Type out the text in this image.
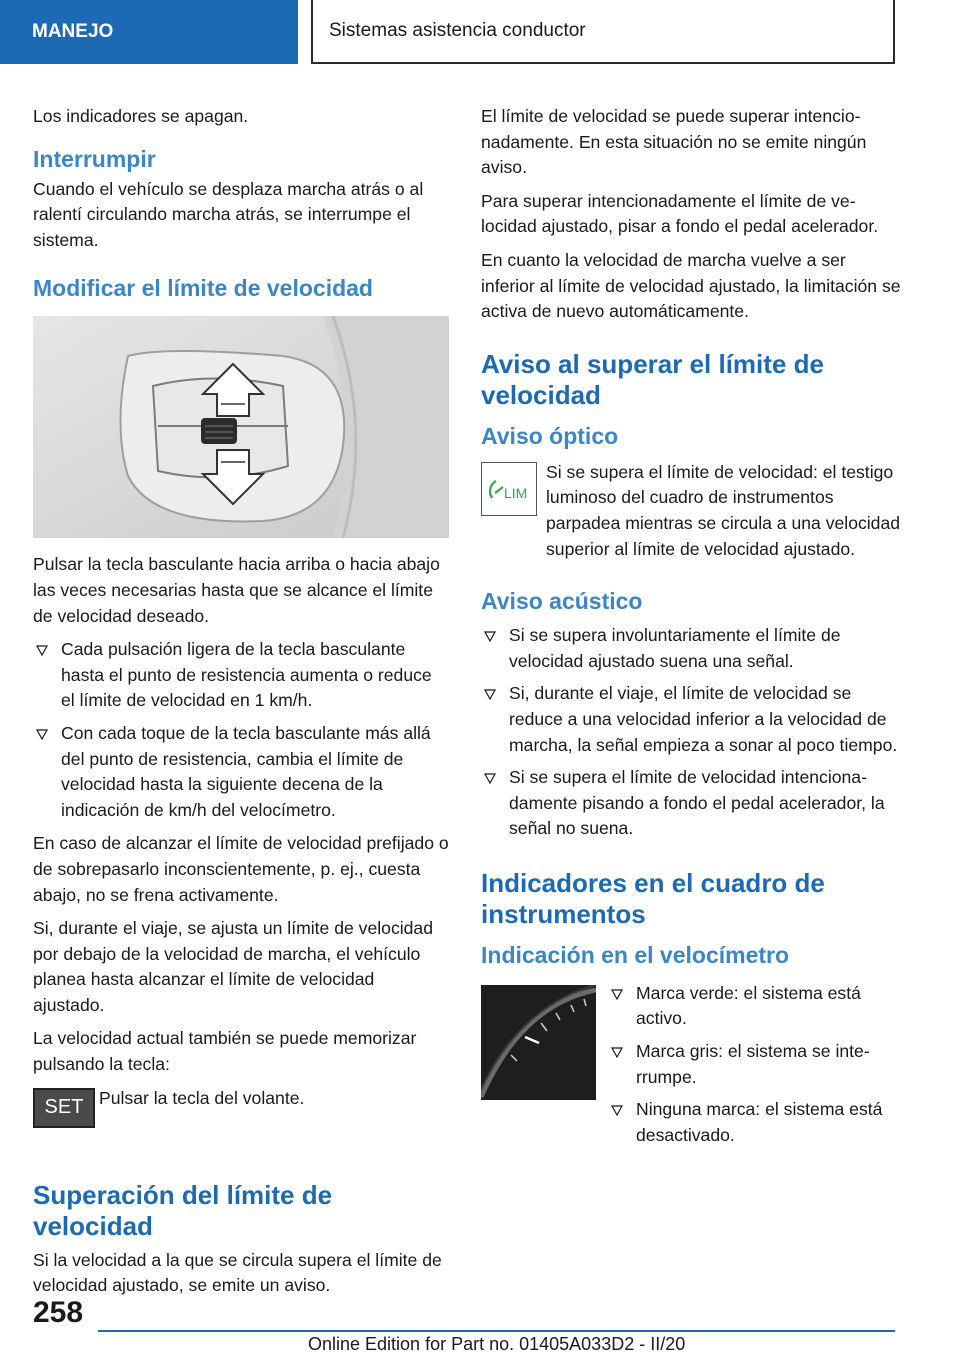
MANEJO	Sistemas asistencia conductor

Los indicadores se apagan.

Interrumpir

Cuando el vehículo se desplaza marcha atrás o al ralentí circulando marcha atrás, se interrumpe el sistema.

Modificar el límite de velocidad

Pulsar la tecla basculante hacia arriba o hacia abajo las veces necesarias hasta que se alcance el límite de velocidad deseado.

Cada pulsación ligera de la tecla basculante hasta el punto de resistencia aumenta o reduce el límite de velocidad en 1 km/h.
Con cada toque de la tecla basculante más allá del punto de resistencia, cambia el límite de velocidad hasta la siguiente decena de la indicación de km/h del velocímetro.

En caso de alcanzar el límite de velocidad prefijado o de sobrepasarlo inconscientemente, p. ej., cuesta abajo, no se frena activamente.

Si, durante el viaje, se ajusta un límite de velocidad por debajo de la velocidad de marcha, el vehículo planea hasta alcanzar el límite de velocidad ajustado.

La velocidad actual también se puede memorizar pulsando la tecla:

SET Pulsar la tecla del volante.
Superación del límite de velocidad

Si la velocidad a la que se circula supera el límite de velocidad ajustado, se emite un aviso.

El límite de velocidad se puede superar intencionadamente. En esta situación no se emite ningún aviso.

Para superar intencionadamente el límite de velocidad ajustado, pisar a fondo el pedal acelerador.

En cuanto la velocidad de marcha vuelve a ser inferior al límite de velocidad ajustado, la limitación se activa de nuevo automáticamente.

Aviso al superar el límite de velocidad
Aviso óptico
LIM
Si se supera el límite de velocidad: el testigo luminoso del cuadro de instrumentos parpadea mientras se circula a una velocidad superior al límite de velocidad ajustado.
Aviso acústico
Si se supera involuntariamente el límite de velocidad ajustado suena una señal.
Si, durante el viaje, el límite de velocidad se reduce a una velocidad inferior a la velocidad de marcha, la señal empieza a sonar al poco tiempo.
Si se supera el límite de velocidad intencionadamente pisando a fondo el pedal acelerador, la señal no suena.
Indicadores en el cuadro de instrumentos
Indicación en el velocímetro
Marca verde: el sistema está activo.
Marca gris: el sistema se interrumpe.
Ninguna marca: el sistema está desactivado.
258
Online Edition for Part no. 01405A033D2 - II/20
